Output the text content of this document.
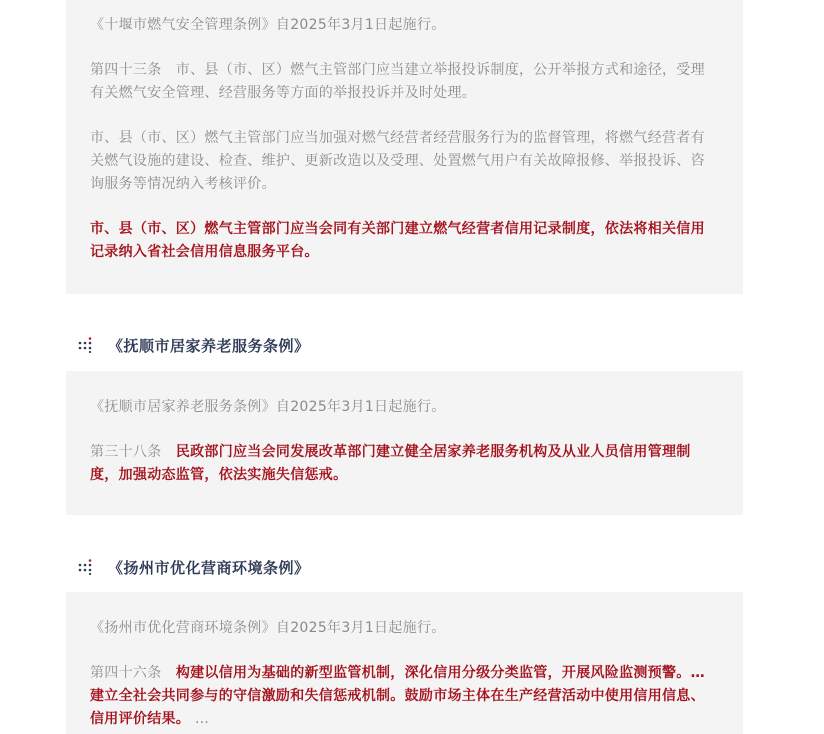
《十堰市燃气安全管理条例》自2025年3月1日起施行。

第四十三条　市、县（市、区）燃气主管部门应当建立举报投诉制度，公开举报方式和途径，受理有关燃气安全管理、经营服务等方面的举报投诉并及时处理。

市、县（市、区）燃气主管部门应当加强对燃气经营者经营服务行为的监督管理，将燃气经营者有关燃气设施的建设、检查、维护、更新改造以及受理、处置燃气用户有关故障报修、举报投诉、咨询服务等情况纳入考核评价。

市、县（市、区）燃气主管部门应当会同有关部门建立燃气经营者信用记录制度，依法将相关信用记录纳入省社会信用信息服务平台。

《抚顺市居家养老服务条例》

《抚顺市居家养老服务条例》自2025年3月1日起施行。

第三十八条　民政部门应当会同发展改革部门建立健全居家养老服务机构及从业人员信用管理制度，加强动态监管，依法实施失信惩戒。

《扬州市优化营商环境条例》

《扬州市优化营商环境条例》自2025年3月1日起施行。

第四十六条　构建以信用为基础的新型监管机制，深化信用分级分类监管，开展风险监测预警。…建立全社会共同参与的守信激励和失信惩戒机制。鼓励市场主体在生产经营活动中使用信用信息、信用评价结果。 …
